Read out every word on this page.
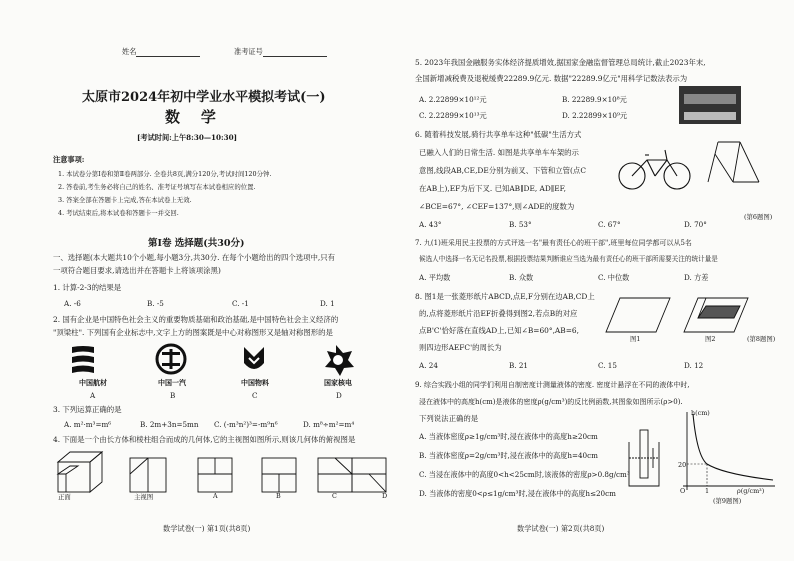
姓名	准考证号
太原市2024年初中学业水平模拟考试(一)
数    学
[考试时间:上午8:30—10:30]
注意事项:
1. 本试卷分第Ⅰ卷和第Ⅱ卷两部分. 全卷共8页,满分120分,考试时间120分钟.
2. 答卷前,考生务必将自己的姓名、准考证号填写在本试卷相应的位置.
3. 答案全部在答题卡上完成,答在本试卷上无效.
4. 考试结束后,将本试卷和答题卡一并交回.
第Ⅰ卷 选择题(共30分)
一、选择题(本大题共10个小题,每小题3分,共30分. 在每个小题给出的四个选项中,只有
一项符合题目要求,请选出并在答题卡上将该项涂黑)
1. 计算-2-3的结果是
A. -6	B. -5	C. -1	D. 1
2. 国有企业是中国特色社会主义的重要物质基础和政治基础,是中国特色社会主义经济的
"顶梁柱". 下列国有企业标志中,文字上方的图案既是中心对称图形又是轴对称图形的是
中国航材	中国一汽	中国物料	国家核电
A	B	C	D
3. 下列运算正确的是
A. m²·m³=m⁶	B. 2m+3n=5mn C. (-m³n²)³=-m⁹n⁶	D. m⁸÷m²=m⁴
4. 下面是一个由长方体和棱柱组合而成的几何体,它的主视图如图所示,则该几何体的俯视图是
正面	主视图	A	B	C	D
数学试卷(一) 第1页(共8页)
5. 2023年我国金融服务实体经济提质增效,据国家金融监督管理总局统计,截止2023年末,
全国新增减税费及退税缓费22289.9亿元. 数据"22289.9亿元"用科学记数法表示为
A. 2.22899×10¹²元	B. 22289.9×10⁸元
C. 2.22899×10¹³元	D. 2.22899×10⁹元
6. 随着科技发展,骑行共享单车这种"低碳"生活方式
已融入人们的日常生活. 如图是共享单车车架的示
意图,线段AB,CE,DE分别为前叉、下管和立管(点C
在AB上),EF为后下叉. 已知AB∥DE, AD∥EF,
∠BCE=67°, ∠CEF=137°,则∠ADE的度数为
(第6题图)
A. 43°	B. 53°	C. 67°	D. 70°
7. 九(1)班采用民主投票的方式评选一名"最有责任心的班干部",班里每位同学都可以从5名
候选人中选择一名无记名投票,根据投票结果判断谁应当选为最有责任心的班干部所需要关注的统计量是
A. 平均数	B. 众数	C. 中位数	D. 方差
8. 图1是一张菱形纸片ABCD,点E,F分别在边AB,CD上
的,点将菱形纸片沿EF折叠得到图2,若点B的对应
点B'C'恰好落在直线AD上,已知∠B=60°,AB=6,
则四边形AEFC'的周长为
图1	图2	(第8题图)
A. 24	B. 21	C. 15	D. 12
9. 综合实践小组的同学们利用自制密度计测量液体的密度. 密度计悬浮在不同的液体中时,
浸在液体中的高度h(cm)是液体的密度ρ(g/cm³)的反比例函数,其图象如图所示(ρ>0).
下列说法正确的是
A. 当液体密度ρ≥1g/cm³时,浸在液体中的高度h≥20cm
B. 当液体密度ρ=2g/cm³时,浸在液体中的高度h=40cm
C. 当浸在液体中的高度0<h<25cm时,该液体的密度ρ>0.8g/cm³
D. 当液体的密度0<ρ≤1g/cm³时,浸在液体中的高度h≤20cm
h(cm)
20
O	1	ρ(g/cm³)
(第9题图)
数学试卷(一) 第2页(共8页)
